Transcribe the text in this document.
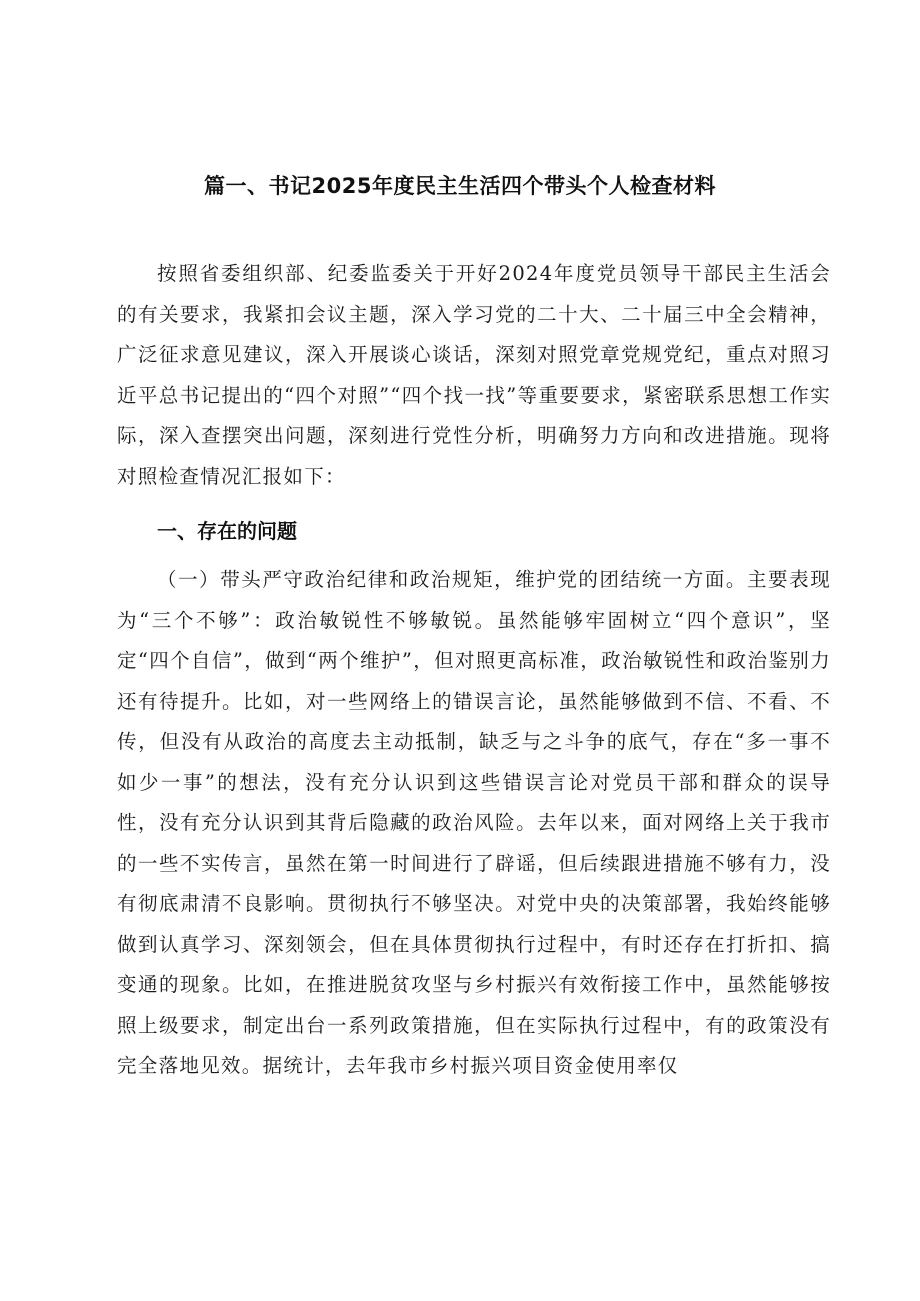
篇一、书记2025年度民主生活四个带头个人检查材料

按照省委组织部、纪委监委关于开好2024年度党员领导干部民主生活会的有关要求，我紧扣会议主题，深入学习党的二十大、二十届三中全会精神，广泛征求意见建议，深入开展谈心谈话，深刻对照党章党规党纪，重点对照习近平总书记提出的“四个对照”“四个找一找”等重要要求，紧密联系思想工作实际，深入查摆突出问题，深刻进行党性分析，明确努力方向和改进措施。现将对照检查情况汇报如下：

一、存在的问题

（一）带头严守政治纪律和政治规矩，维护党的团结统一方面。主要表现为“三个不够”：政治敏锐性不够敏锐。虽然能够牢固树立“四个意识”，坚定“四个自信”，做到“两个维护”，但对照更高标准，政治敏锐性和政治鉴别力还有待提升。比如，对一些网络上的错误言论，虽然能够做到不信、不看、不传，但没有从政治的高度去主动抵制，缺乏与之斗争的底气，存在“多一事不如少一事”的想法，没有充分认识到这些错误言论对党员干部和群众的误导性，没有充分认识到其背后隐藏的政治风险。去年以来，面对网络上关于我市的一些不实传言，虽然在第一时间进行了辟谣，但后续跟进措施不够有力，没有彻底肃清不良影响。贯彻执行不够坚决。对党中央的决策部署，我始终能够做到认真学习、深刻领会，但在具体贯彻执行过程中，有时还存在打折扣、搞变通的现象。比如，在推进脱贫攻坚与乡村振兴有效衔接工作中，虽然能够按照上级要求，制定出台一系列政策措施，但在实际执行过程中，有的政策没有完全落地见效。据统计，去年我市乡村振兴项目资金使用率仅
